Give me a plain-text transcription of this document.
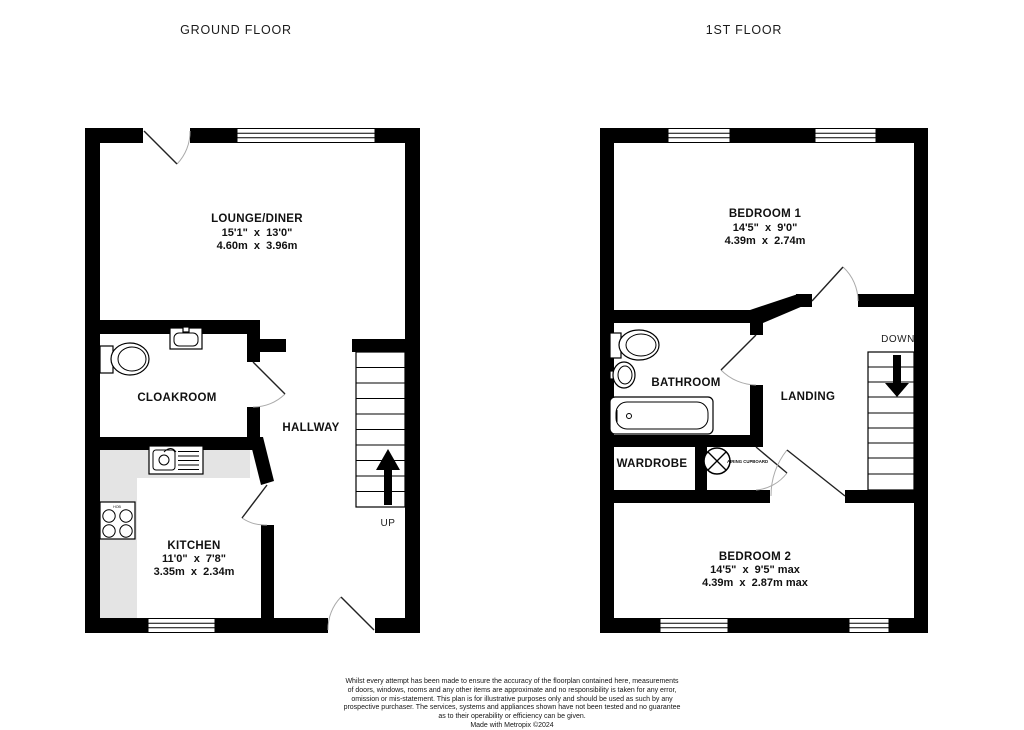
GROUND FLOOR
HOB
LOUNGE/DINER
15'1"  x  13'0"
4.60m  x  3.96m
CLOAKROOM
HALLWAY
KITCHEN
11'0"  x  7'8"
3.35m  x  2.34m
UP
1ST FLOOR
BEDROOM 1
14'5"  x  9'0"
4.39m  x  2.74m
BATHROOM
LANDING
WARDROBE	AIRING CUPBOARD
BEDROOM 2
14'5"  x  9'5" max
4.39m  x  2.87m max
DOWN
Whilst every attempt has been made to ensure the accuracy of the floorplan contained here, measurements
of doors, windows, rooms and any other items are approximate and no responsibility is taken for any error,
omission or mis-statement. This plan is for illustrative purposes only and should be used as such by any
prospective purchaser. The services, systems and appliances shown have not been tested and no guarantee
as to their operability or efficiency can be given.
Made with Metropix ©2024
